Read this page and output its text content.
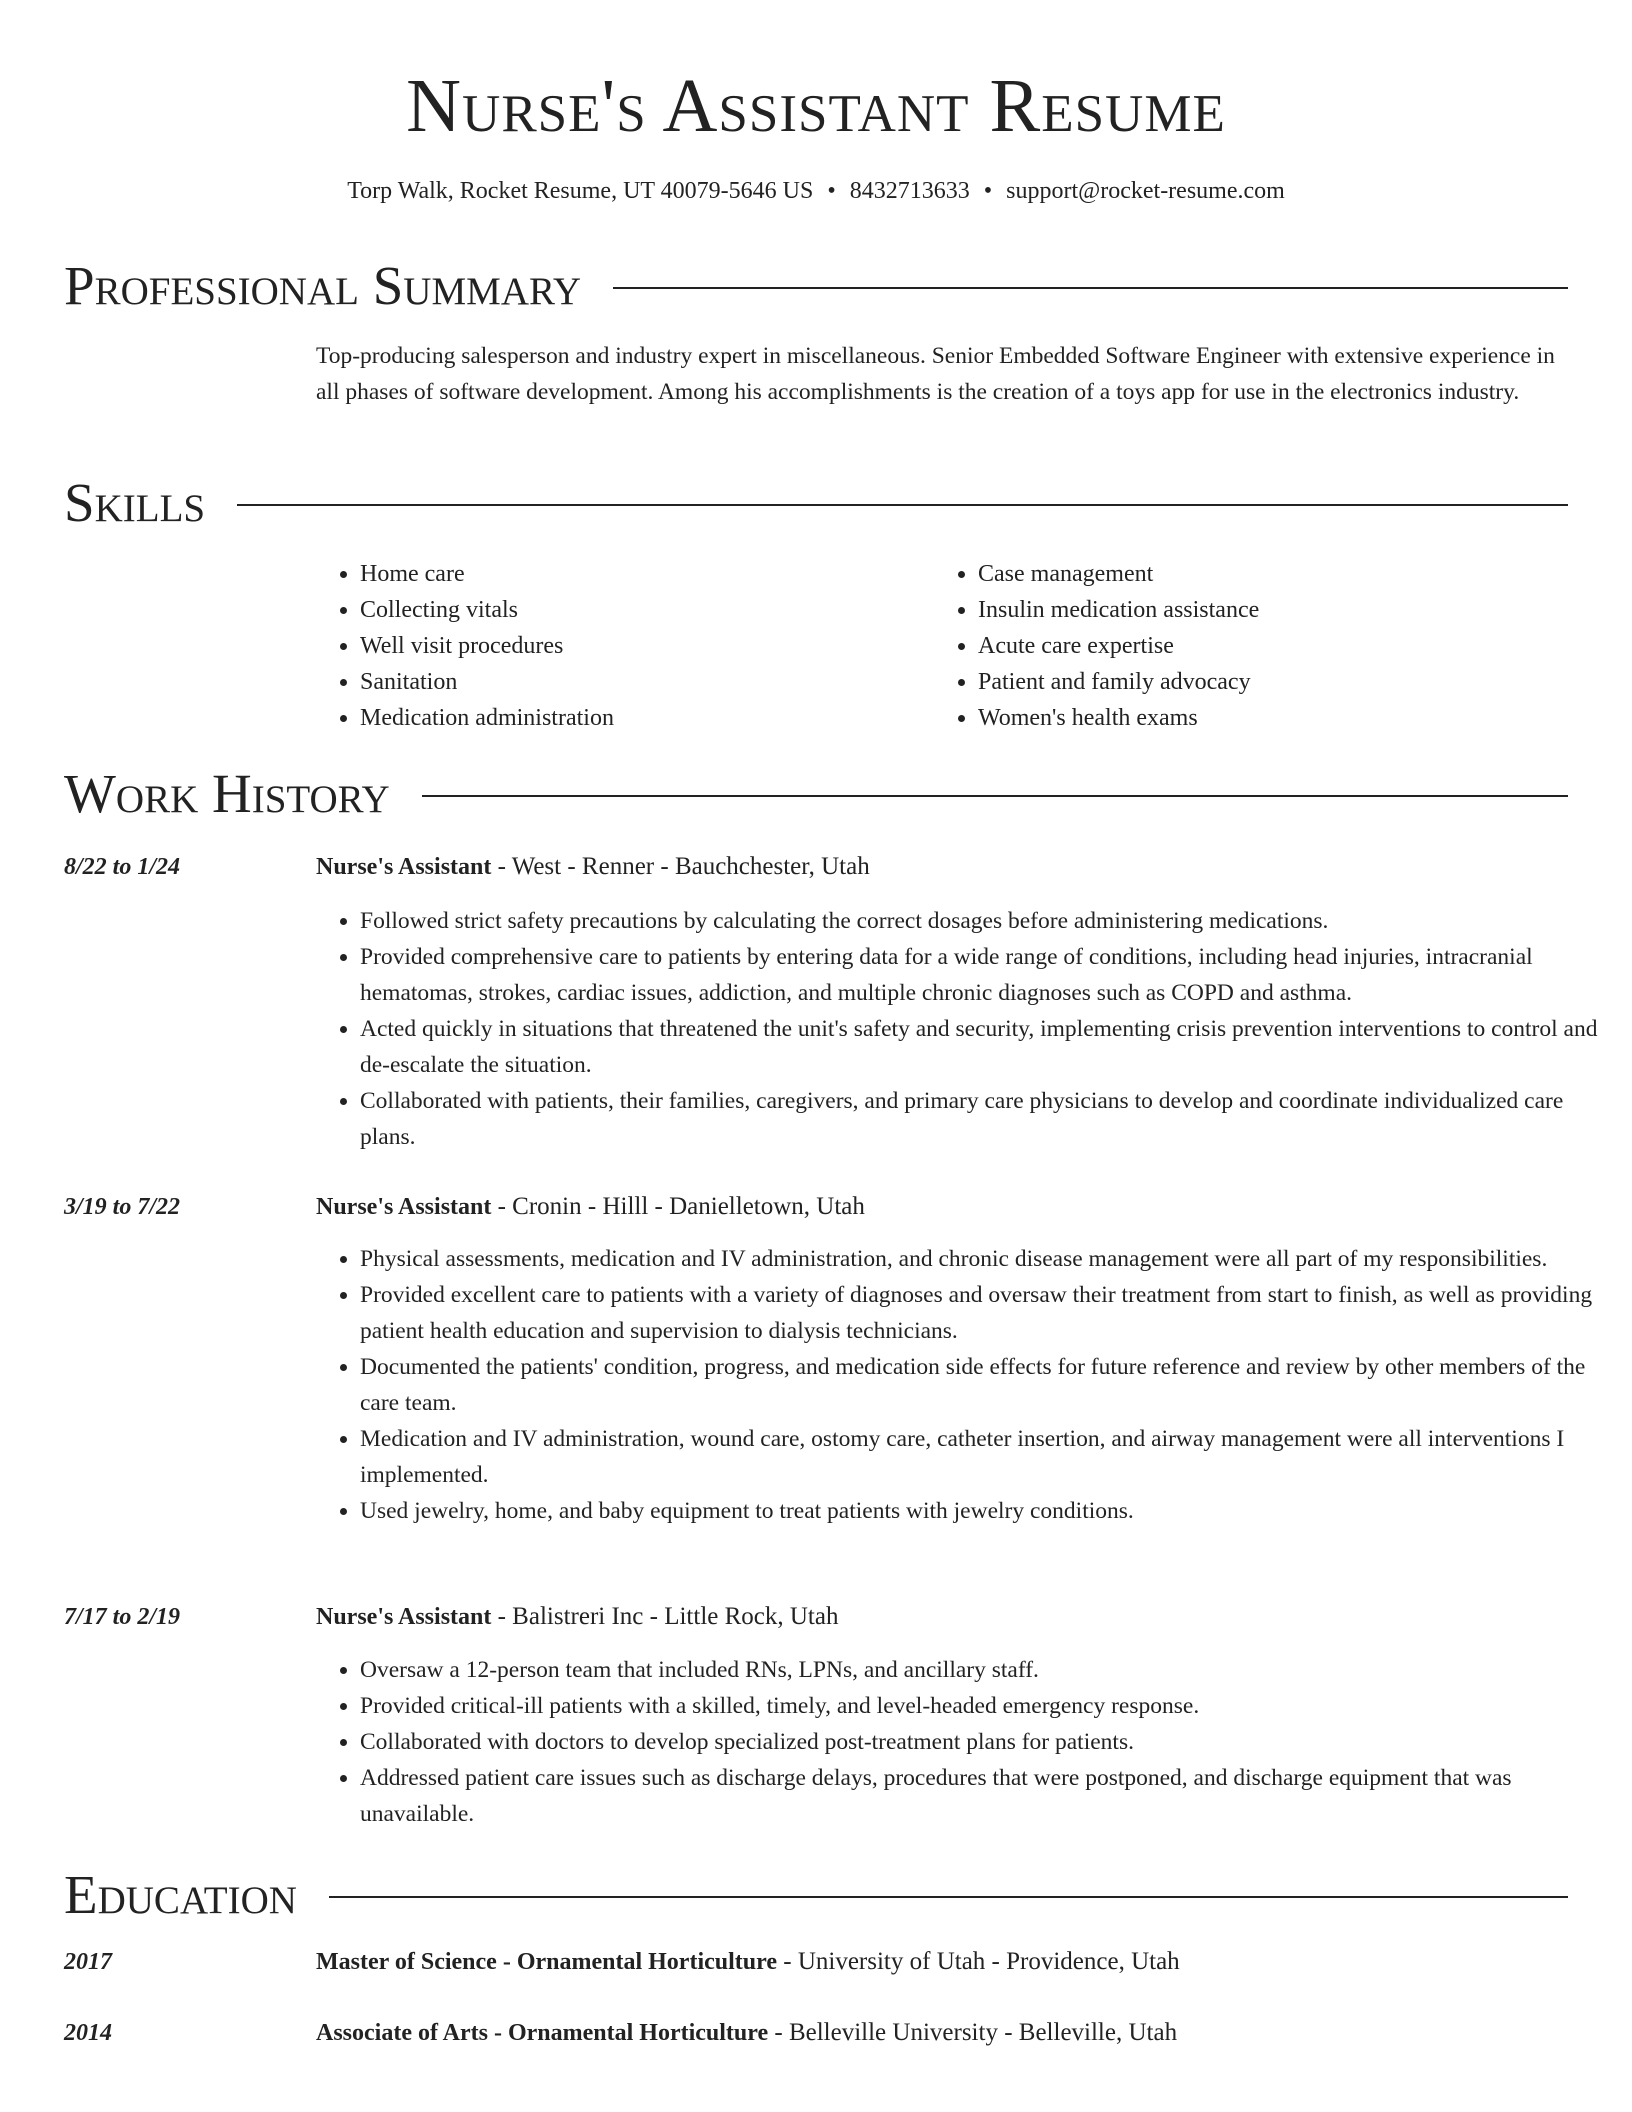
Nurse's Assistant Resume
Torp Walk, Rocket Resume, UT 40079-5646 US • 8432713633 • support@rocket-resume.com
Professional Summary

Top-producing salesperson and industry expert in miscellaneous. Senior Embedded Software Engineer with extensive experience in all phases of software development. Among his accomplishments is the creation of a toys app for use in the electronics industry.

Skills
• Home care
• Collecting vitals
• Well visit procedures
• Sanitation
• Medication administration
• Case management
• Insulin medication assistance
• Acute care expertise
• Patient and family advocacy
• Women's health exams
Work History
8/22 to 1/24	Nurse's Assistant - West - Renner - Bauchchester, Utah
• Followed strict safety precautions by calculating the correct dosages before administering medications.
• Provided comprehensive care to patients by entering data for a wide range of conditions, including head injuries, intracranial hematomas, strokes, cardiac issues, addiction, and multiple chronic diagnoses such as COPD and asthma.
• Acted quickly in situations that threatened the unit's safety and security, implementing crisis prevention interventions to control and de-escalate the situation.
• Collaborated with patients, their families, caregivers, and primary care physicians to develop and coordinate individualized care plans.
3/19 to 7/22	Nurse's Assistant - Cronin - Hilll - Danielletown, Utah
• Physical assessments, medication and IV administration, and chronic disease management were all part of my responsibilities.
• Provided excellent care to patients with a variety of diagnoses and oversaw their treatment from start to finish, as well as providing patient health education and supervision to dialysis technicians.
• Documented the patients' condition, progress, and medication side effects for future reference and review by other members of the care team.
• Medication and IV administration, wound care, ostomy care, catheter insertion, and airway management were all interventions I implemented.
• Used jewelry, home, and baby equipment to treat patients with jewelry conditions.
7/17 to 2/19	Nurse's Assistant - Balistreri Inc - Little Rock, Utah
• Oversaw a 12-person team that included RNs, LPNs, and ancillary staff.
• Provided critical-ill patients with a skilled, timely, and level-headed emergency response.
• Collaborated with doctors to develop specialized post-treatment plans for patients.
• Addressed patient care issues such as discharge delays, procedures that were postponed, and discharge equipment that was unavailable.
Education
2017	Master of Science - Ornamental Horticulture - University of Utah - Providence, Utah
2014	Associate of Arts - Ornamental Horticulture - Belleville University - Belleville, Utah
